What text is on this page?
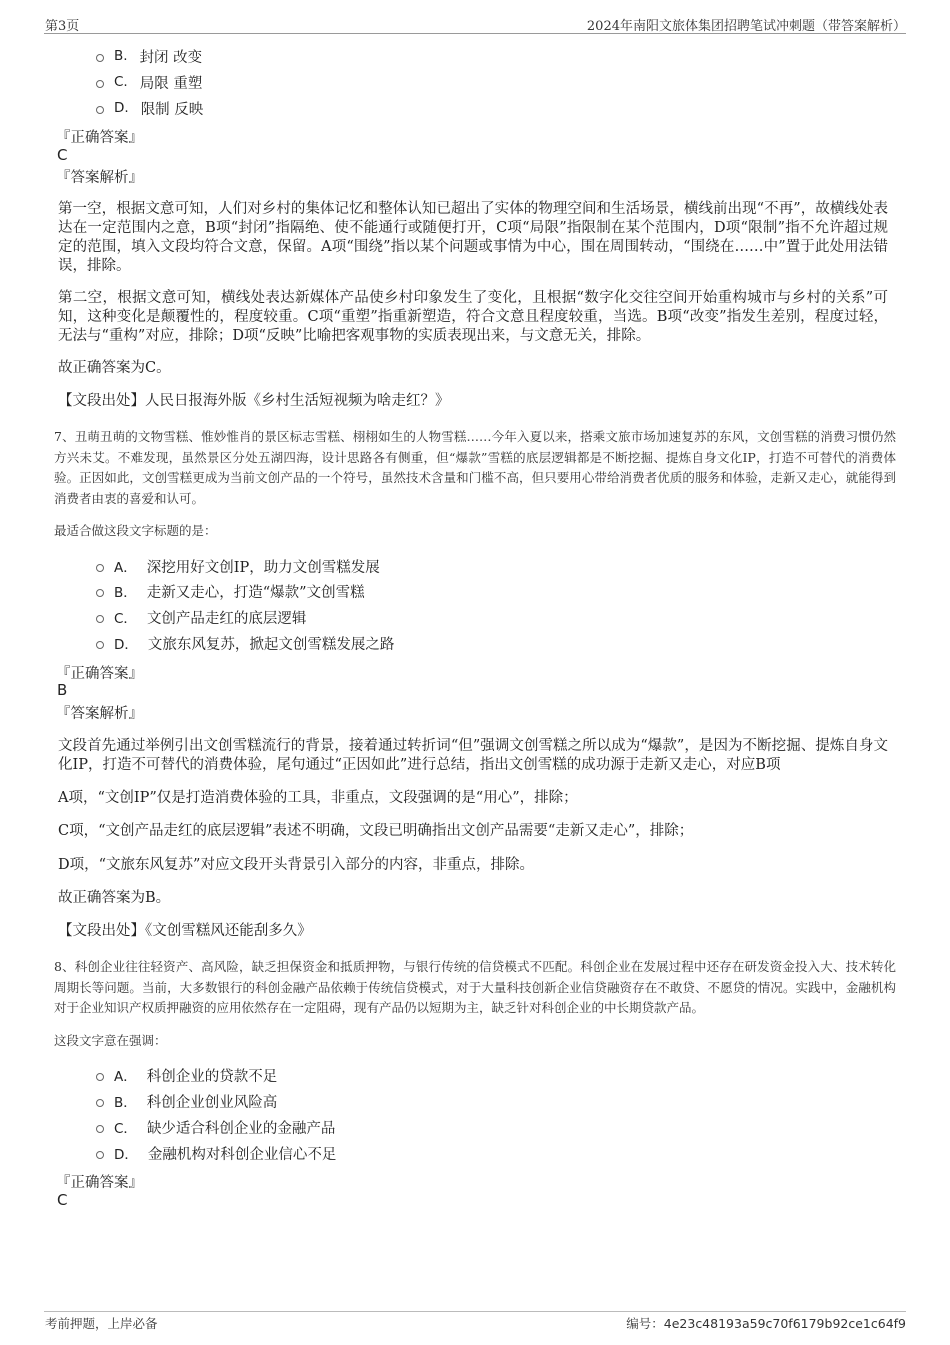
第3页	2024年南阳文旅体集团招聘笔试冲刺题（带答案解析）
B. 封闭 改变
C. 局限 重塑
D. 限制 反映
『正确答案』
C
『答案解析』
第一空，根据文意可知，人们对乡村的集体记忆和整体认知已超出了实体的物理空间和生活场景，横线前出现“不再”，故横线处表达在一定范围内之意，B项“封闭”指隔绝、使不能通行或随便打开，C项“局限”指限制在某个范围内，D项“限制”指不允许超过规定的范围，填入文段均符合文意，保留。A项“围绕”指以某个问题或事情为中心，围在周围转动，“围绕在……中”置于此处用法错误，排除。
第二空，根据文意可知，横线处表达新媒体产品使乡村印象发生了变化，且根据“数字化交往空间开始重构城市与乡村的关系”可知，这种变化是颠覆性的，程度较重。C项“重塑”指重新塑造，符合文意且程度较重，当选。B项“改变”指发生差别，程度过轻，无法与“重构”对应，排除；D项“反映”比喻把客观事物的实质表现出来，与文意无关，排除。
故正确答案为C。
【文段出处】人民日报海外版《乡村生活短视频为啥走红？》
7、丑萌丑萌的文物雪糕、惟妙惟肖的景区标志雪糕、栩栩如生的人物雪糕……今年入夏以来，搭乘文旅市场加速复苏的东风，文创雪糕的消费习惯仍然方兴未艾。不难发现，虽然景区分处五湖四海，设计思路各有侧重，但“爆款”雪糕的底层逻辑都是不断挖掘、提炼自身文化IP，打造不可替代的消费体验。正因如此，文创雪糕更成为当前文创产品的一个符号，虽然技术含量和门槛不高，但只要用心带给消费者优质的服务和体验，走新又走心，就能得到消费者由衷的喜爱和认可。
最适合做这段文字标题的是：
A． 深挖用好文创IP，助力文创雪糕发展
B． 走新又走心，打造“爆款”文创雪糕
C． 文创产品走红的底层逻辑
D． 文旅东风复苏，掀起文创雪糕发展之路
『正确答案』
B
『答案解析』
文段首先通过举例引出文创雪糕流行的背景，接着通过转折词“但”强调文创雪糕之所以成为“爆款”，是因为不断挖掘、提炼自身文化IP，打造不可替代的消费体验，尾句通过“正因如此”进行总结，指出文创雪糕的成功源于走新又走心，对应B项
A项，“文创IP”仅是打造消费体验的工具，非重点，文段强调的是“用心”，排除；
C项，“文创产品走红的底层逻辑”表述不明确，文段已明确指出文创产品需要“走新又走心”，排除；
D项，“文旅东风复苏”对应文段开头背景引入部分的内容，非重点，排除。
故正确答案为B。
【文段出处】《文创雪糕风还能刮多久》
8、科创企业往往轻资产、高风险，缺乏担保资金和抵质押物，与银行传统的信贷模式不匹配。科创企业在发展过程中还存在研发资金投入大、技术转化周期长等问题。当前，大多数银行的科创金融产品依赖于传统信贷模式，对于大量科技创新企业信贷融资存在不敢贷、不愿贷的情况。实践中，金融机构对于企业知识产权质押融资的应用依然存在一定阻碍，现有产品仍以短期为主，缺乏针对科创企业的中长期贷款产品。
这段文字意在强调：
A． 科创企业的贷款不足
B． 科创企业创业风险高
C． 缺少适合科创企业的金融产品
D． 金融机构对科创企业信心不足
『正确答案』
C
考前押题，上岸必备	编号：4e23c48193a59c70f6179b92ce1c64f9
